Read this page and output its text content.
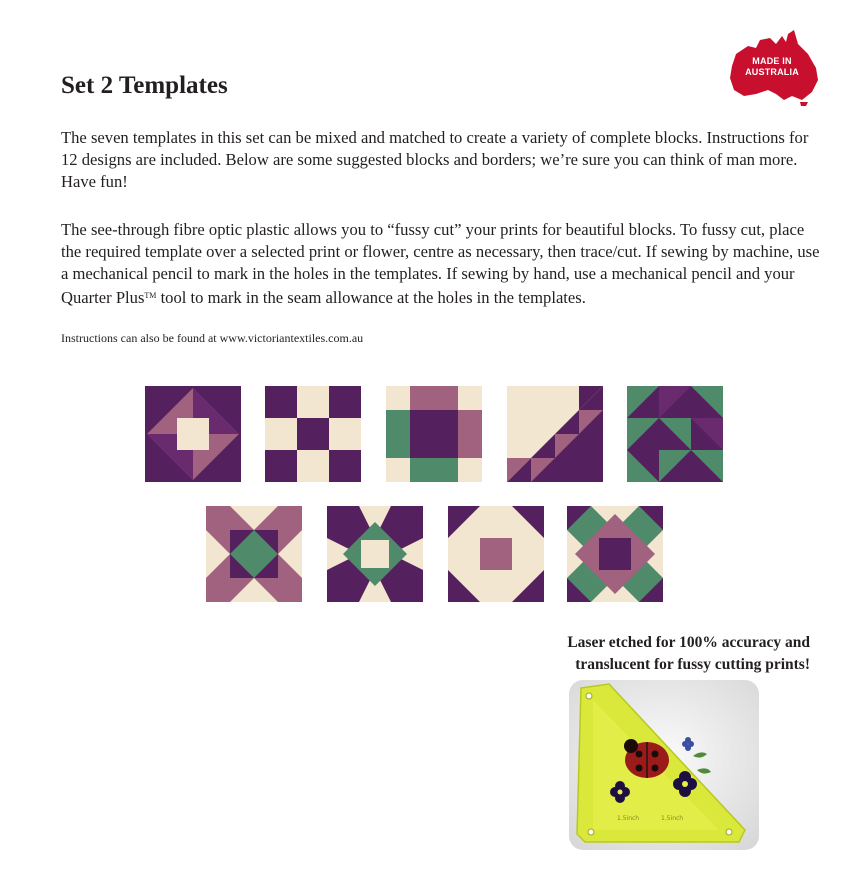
MADE IN
AUSTRALIA
Set 2 Templates

The seven templates in this set can be mixed and matched to create a variety of complete blocks. Instructions for 12 designs are included. Below are some suggested blocks and borders; we’re sure you can think of man more. Have fun!

The see-through fibre optic plastic allows you to “fussy cut” your prints for beautiful blocks. To fussy cut, place the required template over a selected print or flower, centre as necessary, then trace/cut. If sewing by machine, use a mechanical pencil to mark in the holes in the templates. If sewing by hand, use a mechanical pencil and your Quarter Plus™ tool to mark in the seam allowance at the holes in the templates.

Instructions can also be found at www.victoriantextiles.com.au

Laser etched for 100% accuracy and
translucent for fussy cutting prints!

1.5inch	1.5inch
